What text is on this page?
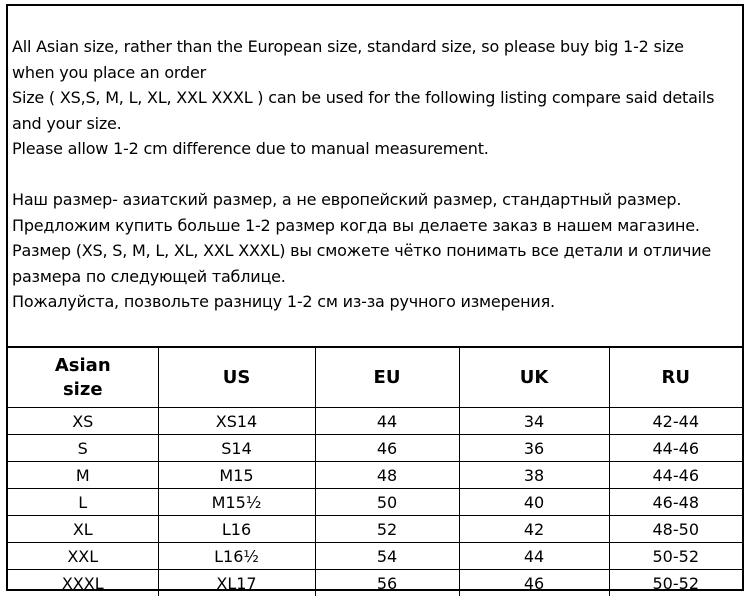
All Asian size, rather than the European size, standard size, so please buy big 1-2 size
when you place an order
Size ( XS,S, M, L, XL, XXL XXXL ) can be used for the following listing compare said details
and your size.
Please allow 1-2 cm difference due to manual measurement.
Наш размер- азиатский размер, а не европейский размер, стандартный размер.
Предложим купить больше 1-2 размер когда вы делаете заказ в нашем магазине.
Размер (XS, S, M, L, XL, XXL XXXL) вы сможете чётко понимать все детали и отличие
размера по следующей таблице.
Пожалуйста, позвольте разницу 1-2 см из-за ручного измерения.
Asian
size	US	EU	UK	RU
XS	XS14	44	34	42-44
S	S14	46	36	44-46
M	M15	48	38	44-46
L	M15½	50	40	46-48
XL	L16	52	42	48-50
XXL	L16½	54	44	50-52
XXXL	XL17	56	46	50-52
